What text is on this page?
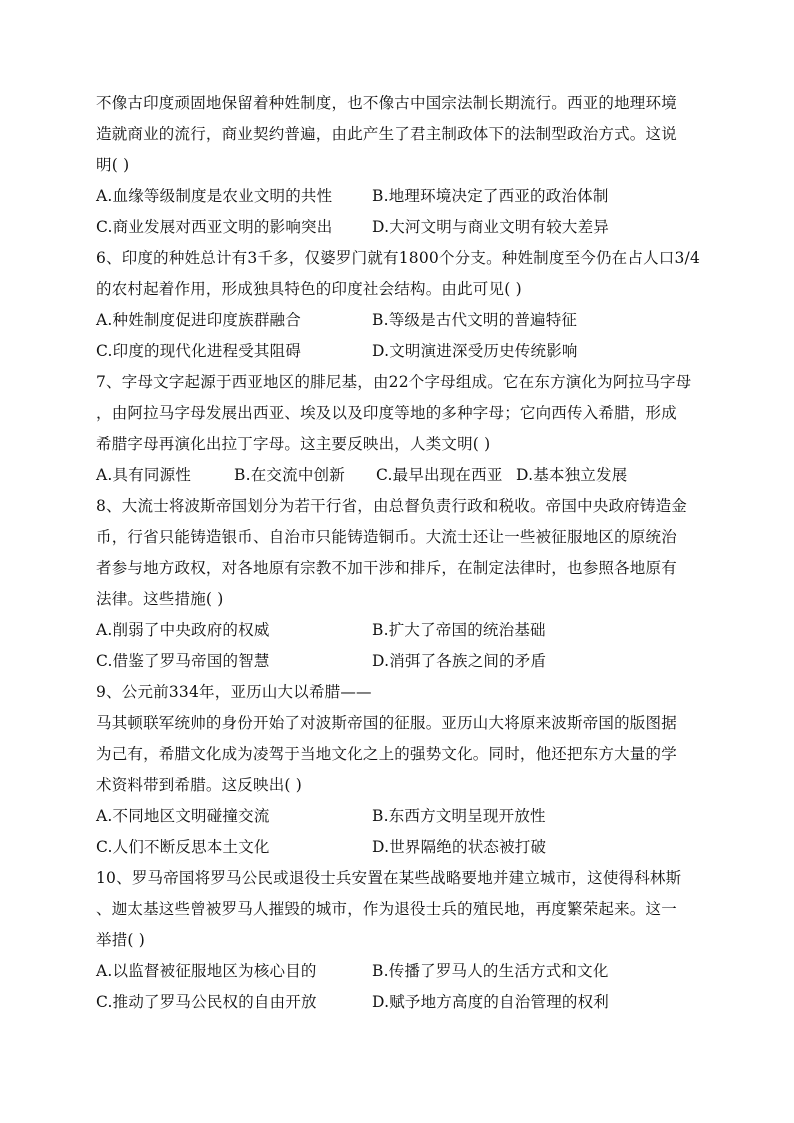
不像古印度顽固地保留着种姓制度，也不像古中国宗法制长期流行。西亚的地理环境
造就商业的流行，商业契约普遍，由此产生了君主制政体下的法制型政治方式。这说
明( )
A.血缘等级制度是农业文明的共性	B.地理环境决定了西亚的政治体制
C.商业发展对西亚文明的影响突出	D.大河文明与商业文明有较大差异
6、印度的种姓总计有3千多，仅婆罗门就有1800个分支。种姓制度至今仍在占人口3/4
的农村起着作用，形成独具特色的印度社会结构。由此可见( )
A.种姓制度促进印度族群融合	B.等级是古代文明的普遍特征
C.印度的现代化进程受其阻碍	D.文明演进深受历史传统影响
7、字母文字起源于西亚地区的腓尼基，由22个字母组成。它在东方演化为阿拉马字母
，由阿拉马字母发展出西亚、埃及以及印度等地的多种字母；它向西传入希腊，形成
希腊字母再演化出拉丁字母。这主要反映出，人类文明( )
A.具有同源性	B.在交流中创新	C.最早出现在西亚 D.基本独立发展
8、大流士将波斯帝国划分为若干行省，由总督负责行政和税收。帝国中央政府铸造金
币，行省只能铸造银币、自治市只能铸造铜币。大流士还让一些被征服地区的原统治
者参与地方政权，对各地原有宗教不加干涉和排斥，在制定法律时，也参照各地原有
法律。这些措施( )
A.削弱了中央政府的权威	B.扩大了帝国的统治基础
C.借鉴了罗马帝国的智慧	D.消弭了各族之间的矛盾
9、公元前334年，亚历山大以希腊——
马其顿联军统帅的身份开始了对波斯帝国的征服。亚历山大将原来波斯帝国的版图据
为己有，希腊文化成为凌驾于当地文化之上的强势文化。同时，他还把东方大量的学
术资料带到希腊。这反映出( )
A.不同地区文明碰撞交流	B.东西方文明呈现开放性
C.人们不断反思本土文化	D.世界隔绝的状态被打破
10、罗马帝国将罗马公民或退役士兵安置在某些战略要地并建立城市，这使得科林斯
、迦太基这些曾被罗马人摧毁的城市，作为退役士兵的殖民地，再度繁荣起来。这一
举措( )
A.以监督被征服地区为核心目的	B.传播了罗马人的生活方式和文化
C.推动了罗马公民权的自由开放	D.赋予地方高度的自治管理的权利
